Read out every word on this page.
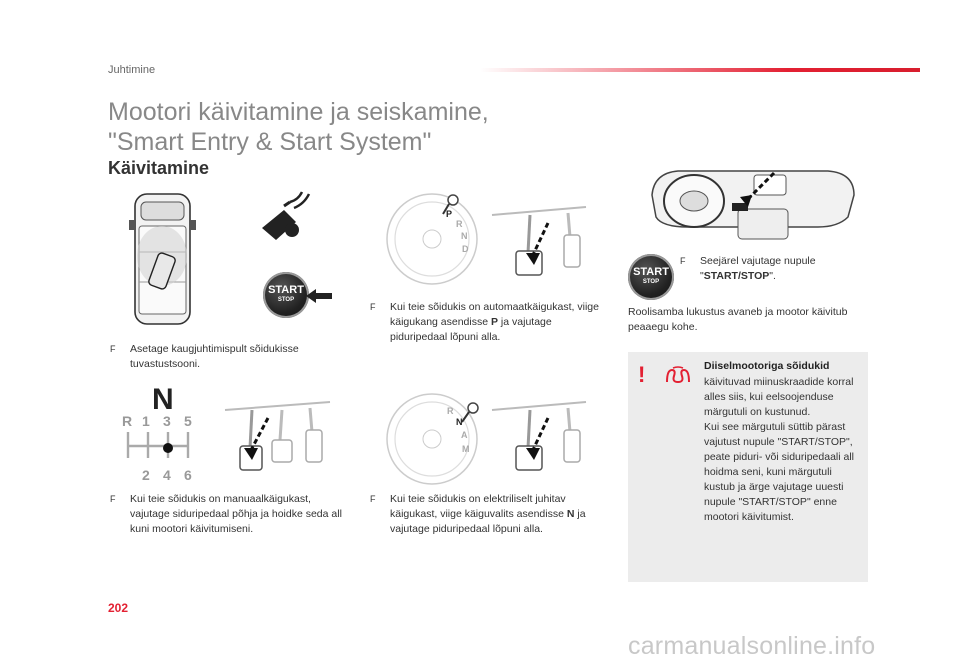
Juhtimine
Mootori käivitamine ja seiskamine,
"Smart Entry & Start System"
Käivitamine
START
STOP
F	Asetage kaugjuhtimispult sõidukisse tuvastustsooni.
N
R 1 3 5
2 4 6
F	Kui teie sõidukis on manuaalkäigukast, vajutage siduripedaal põhja ja hoidke seda all kuni mootori käivitumiseni.
P
R
N
D
F	Kui teie sõidukis on automaatkäigukast, viige käigukang asendisse P ja vajutage piduripedaal lõpuni alla.
R
N
A
M
F	Kui teie sõidukis on elektriliselt juhitav käigukast, viige käiguvalits asendisse N ja vajutage piduripedaal lõpuni alla.
START
STOP
F	Seejärel vajutage nupule "START/STOP".
Roolisamba lukustus avaneb ja mootor käivitub peaaegu kohe.
!	Diiselmootoriga sõidukid
käivituvad miinuskraadide korral alles siis, kui eelsoojenduse märgutuli on kustunud.
Kui see märgutuli süttib pärast vajutust nupule "START/STOP", peate piduri- või siduripedaali all hoidma seni, kuni märgutuli kustub ja ärge vajutage uuesti nupule "START/STOP" enne mootori käivitumist.
202
carmanualsonline.info
